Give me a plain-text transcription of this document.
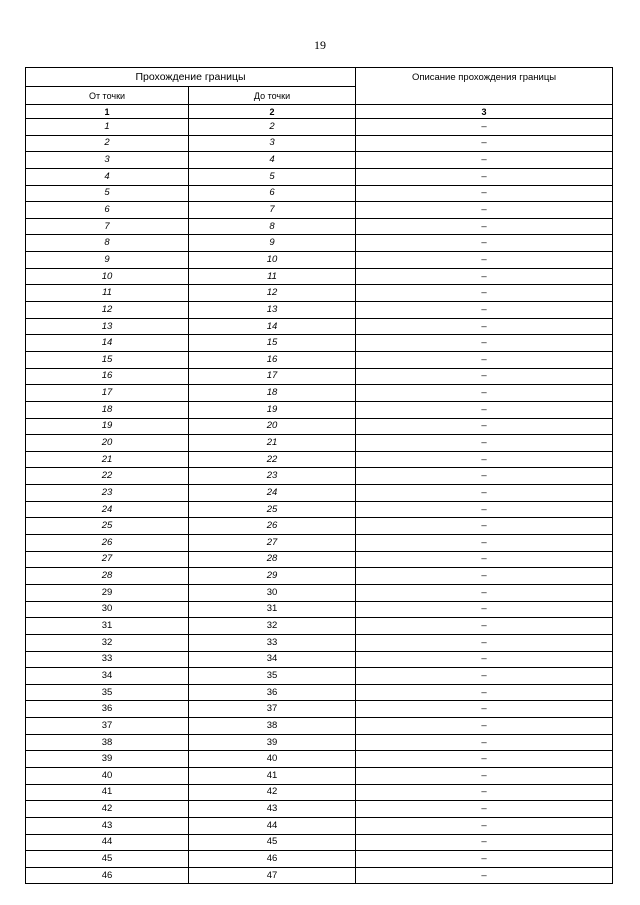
19
Прохождение границы		Описание прохождения границы
От точки	До точки	
1	2	3
1	2	–
2	3	–
3	4	–
4	5	–
5	6	–
6	7	–
7	8	–
8	9	–
9	10	–
10	11	–
11	12	–
12	13	–
13	14	–
14	15	–
15	16	–
16	17	–
17	18	–
18	19	–
19	20	–
20	21	–
21	22	–
22	23	–
23	24	–
24	25	–
25	26	–
26	27	–
27	28	–
28	29	–
29	30	–
30	31	–
31	32	–
32	33	–
33	34	–
34	35	–
35	36	–
36	37	–
37	38	–
38	39	–
39	40	–
40	41	–
41	42	–
42	43	–
43	44	–
44	45	–
45	46	–
46	47	–
